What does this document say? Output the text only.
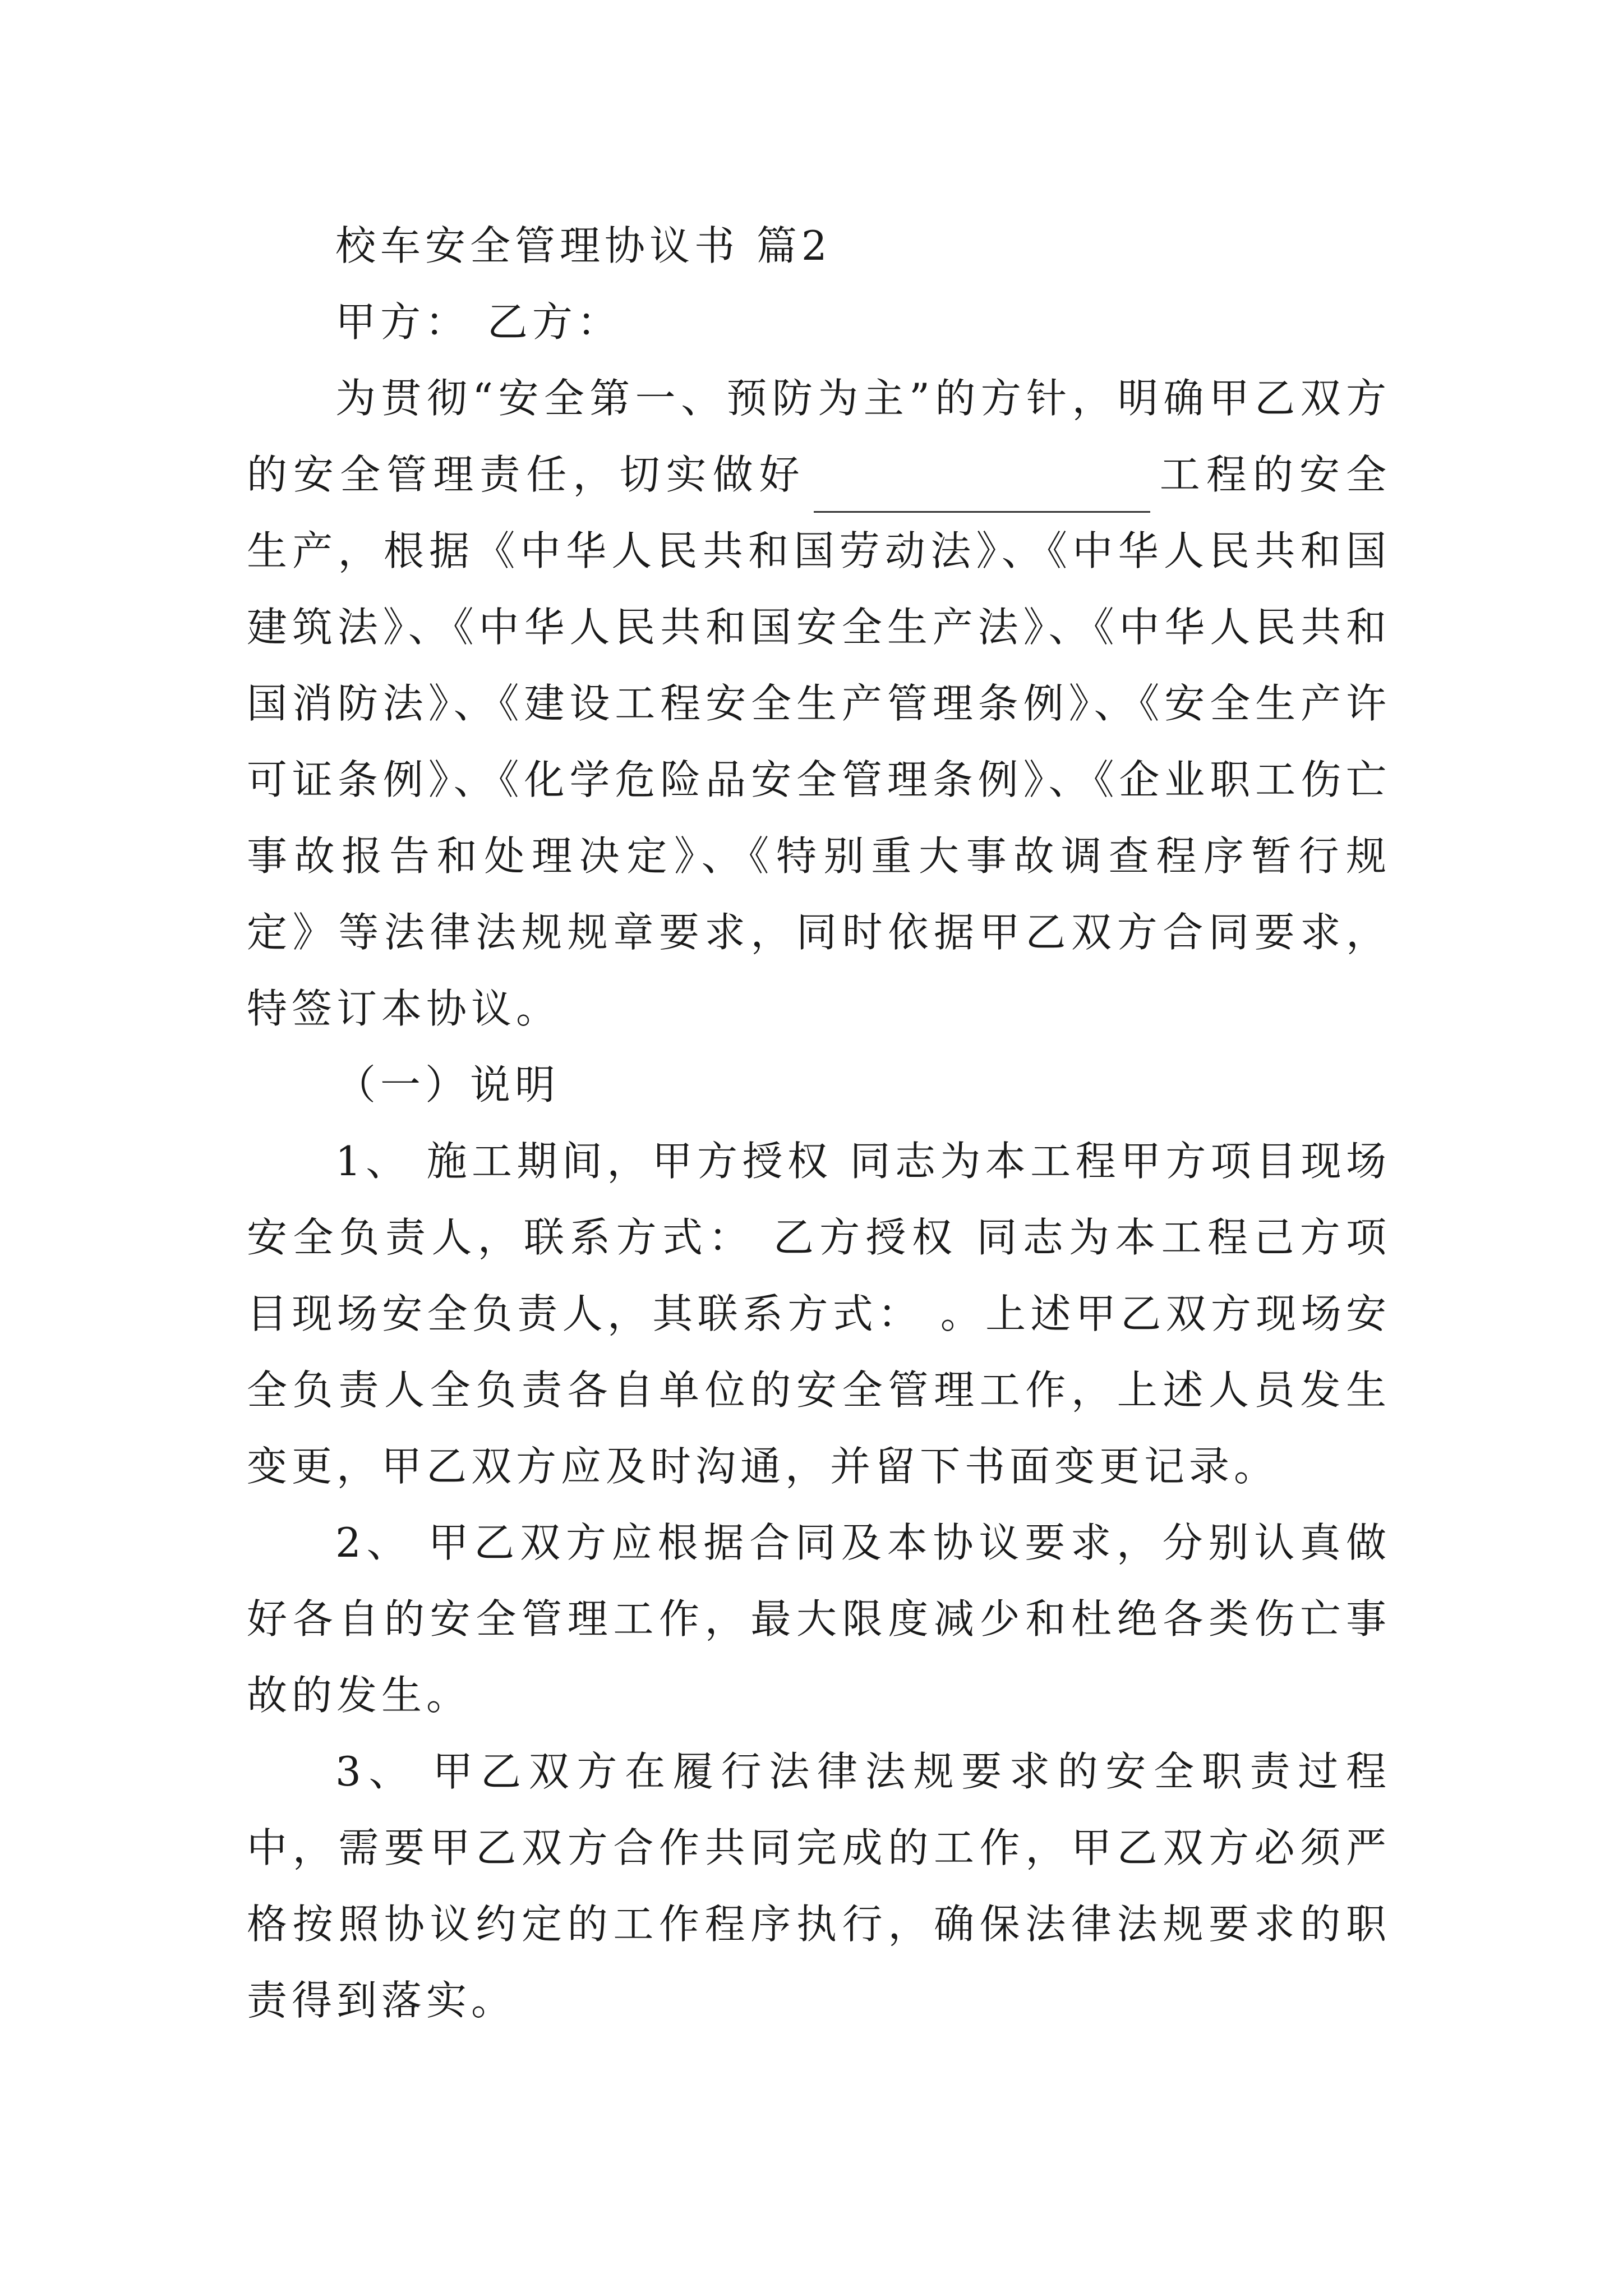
校车安全管理协议书 篇2

甲方： 乙方：

为贯彻“安全第一、预防为主”的方针，明确甲乙双方的安全管理责任，切实做好	工程的安全生产，根据《中华人民共和国劳动法》、《中华人民共和国建筑法》、《中华人民共和国安全生产法》、《中华人民共和国消防法》、《建设工程安全生产管理条例》、《安全生产许可证条例》、《化学危险品安全管理条例》、《企业职工伤亡事故报告和处理决定》、《特别重大事故调查程序暂行规定》等法律法规规章要求，同时依据甲乙双方合同要求，特签订本协议。

（一）说明

1、 施工期间，甲方授权 同志为本工程甲方项目现场安全负责人，联系方式： 乙方授权 同志为本工程己方项目现场安全负责人，其联系方式： 。上述甲乙双方现场安全负责人全负责各自单位的安全管理工作，上述人员发生变更，甲乙双方应及时沟通，并留下书面变更记录。

2、 甲乙双方应根据合同及本协议要求，分别认真做好各自的安全管理工作，最大限度减少和杜绝各类伤亡事故的发生。

3、 甲乙双方在履行法律法规要求的安全职责过程中，需要甲乙双方合作共同完成的工作，甲乙双方必须严格按照协议约定的工作程序执行，确保法律法规要求的职责得到落实。
